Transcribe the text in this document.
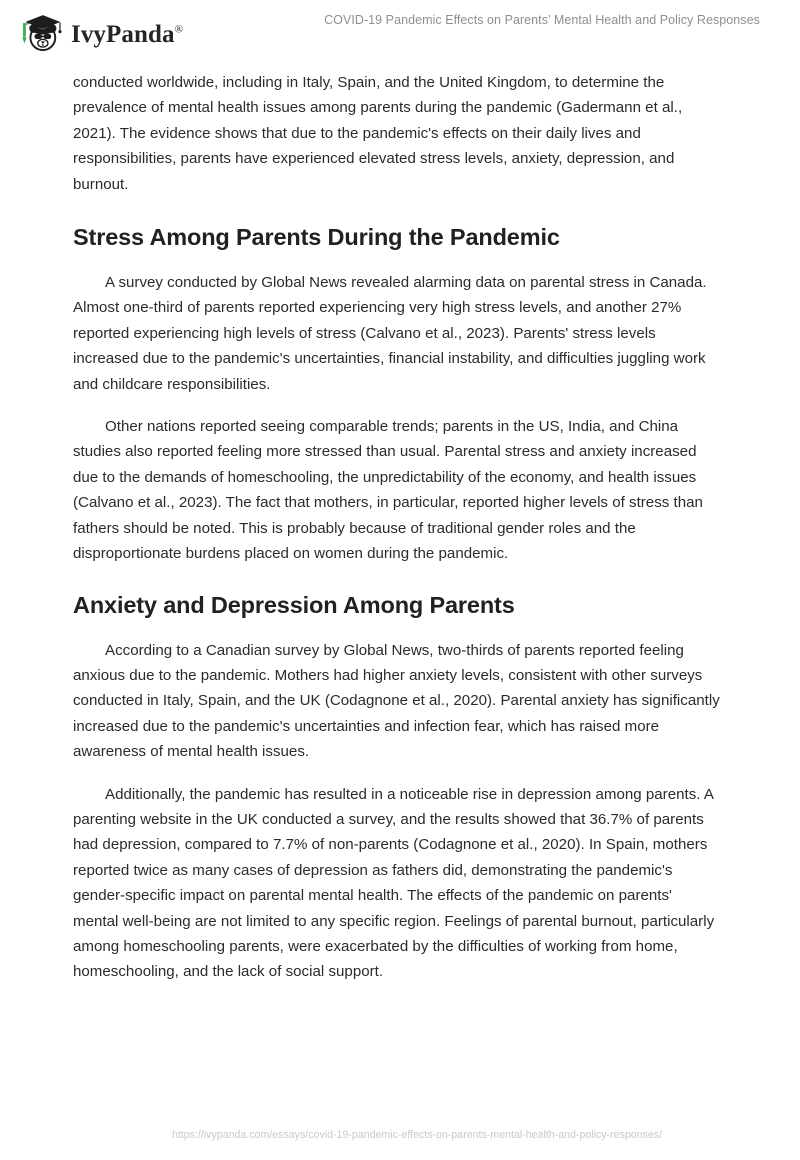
IvyPanda®
COVID-19 Pandemic Effects on Parents’ Mental Health and Policy Responses

conducted worldwide, including in Italy, Spain, and the United Kingdom, to determine the prevalence of mental health issues among parents during the pandemic (Gadermann et al., 2021). The evidence shows that due to the pandemic's effects on their daily lives and responsibilities, parents have experienced elevated stress levels, anxiety, depression, and burnout.

Stress Among Parents During the Pandemic

A survey conducted by Global News revealed alarming data on parental stress in Canada. Almost one-third of parents reported experiencing very high stress levels, and another 27% reported experiencing high levels of stress (Calvano et al., 2023). Parents' stress levels increased due to the pandemic's uncertainties, financial instability, and difficulties juggling work and childcare responsibilities.

Other nations reported seeing comparable trends; parents in the US, India, and China studies also reported feeling more stressed than usual. Parental stress and anxiety increased due to the demands of homeschooling, the unpredictability of the economy, and health issues (Calvano et al., 2023). The fact that mothers, in particular, reported higher levels of stress than fathers should be noted. This is probably because of traditional gender roles and the disproportionate burdens placed on women during the pandemic.

Anxiety and Depression Among Parents

According to a Canadian survey by Global News, two-thirds of parents reported feeling anxious due to the pandemic. Mothers had higher anxiety levels, consistent with other surveys conducted in Italy, Spain, and the UK (Codagnone et al., 2020). Parental anxiety has significantly increased due to the pandemic's uncertainties and infection fear, which has raised more awareness of mental health issues.

Additionally, the pandemic has resulted in a noticeable rise in depression among parents. A parenting website in the UK conducted a survey, and the results showed that 36.7% of parents had depression, compared to 7.7% of non-parents (Codagnone et al., 2020). In Spain, mothers reported twice as many cases of depression as fathers did, demonstrating the pandemic's gender-specific impact on parental mental health. The effects of the pandemic on parents' mental well-being are not limited to any specific region. Feelings of parental burnout, particularly among homeschooling parents, were exacerbated by the difficulties of working from home, homeschooling, and the lack of social support.

https://ivypanda.com/essays/covid-19-pandemic-effects-on-parents-mental-health-and-policy-responses/
